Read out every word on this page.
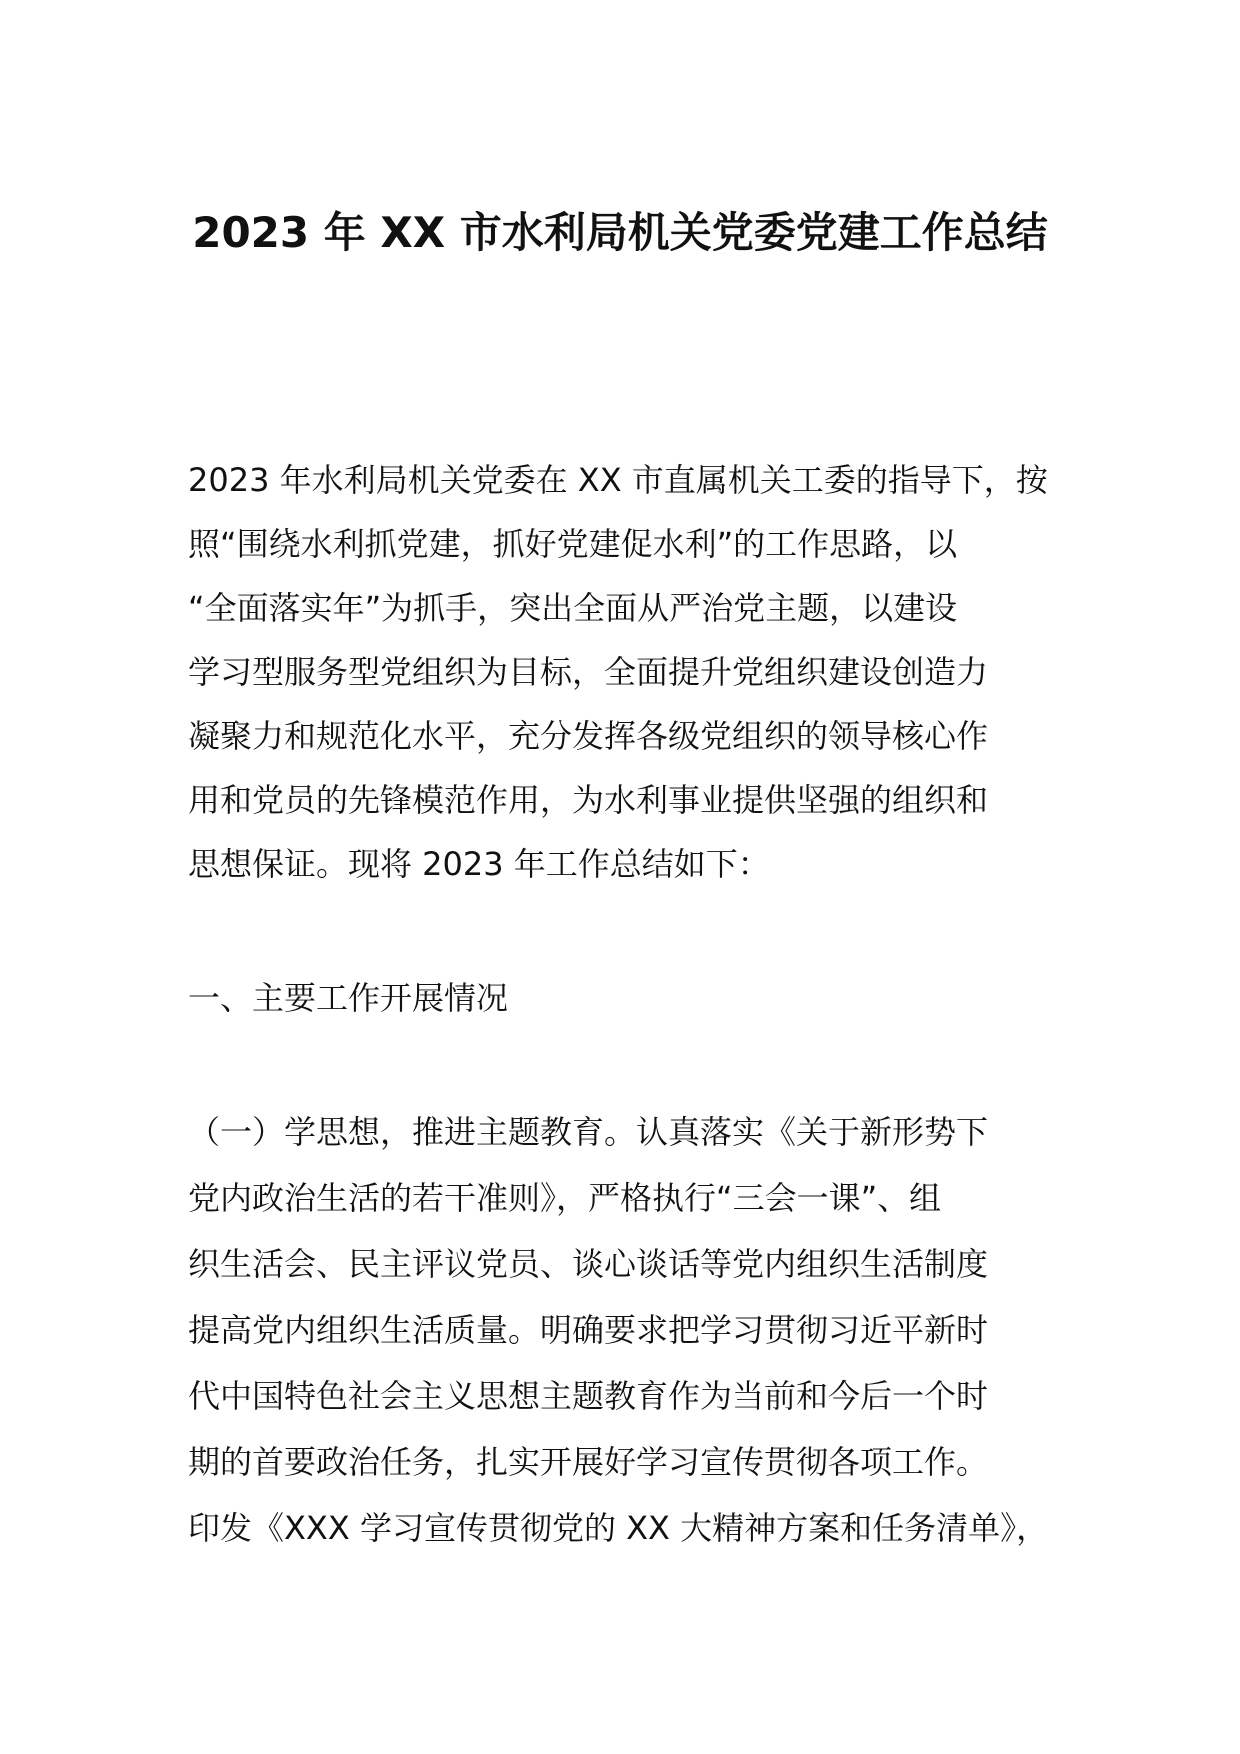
2023 年 XX 市水利局机关党委党建工作总结
2023 年水利局机关党委在 XX 市直属机关工委的指导下，按
照“围绕水利抓党建，抓好党建促水利”的工作思路，以
“全面落实年”为抓手，突出全面从严治党主题，以建设
学习型服务型党组织为目标，全面提升党组织建设创造力
凝聚力和规范化水平，充分发挥各级党组织的领导核心作
用和党员的先锋模范作用，为水利事业提供坚强的组织和
思想保证。现将 2023 年工作总结如下：
一、主要工作开展情况
（一）学思想，推进主题教育。认真落实《关于新形势下
党内政治生活的若干准则》，严格执行“三会一课”、组
织生活会、民主评议党员、谈心谈话等党内组织生活制度
提高党内组织生活质量。明确要求把学习贯彻习近平新时
代中国特色社会主义思想主题教育作为当前和今后一个时
期的首要政治任务，扎实开展好学习宣传贯彻各项工作。
印发《XXX 学习宣传贯彻党的 XX 大精神方案和任务清单》，
